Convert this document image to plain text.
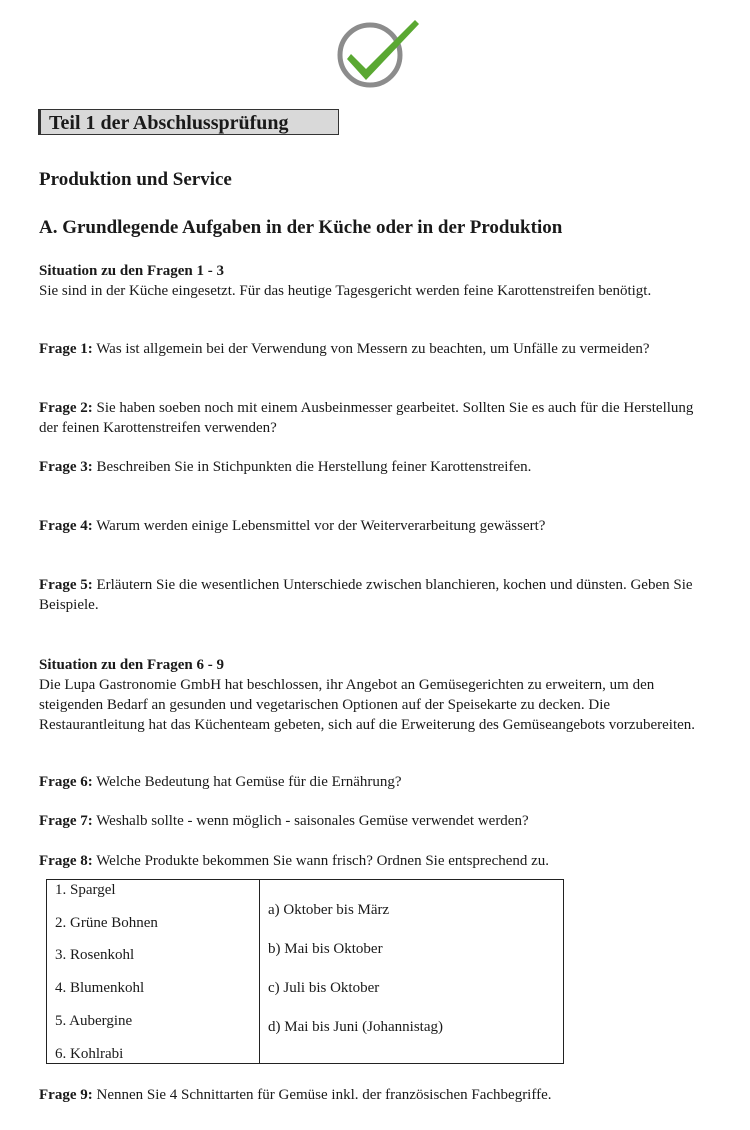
Teil 1 der Abschlussprüfung
Produktion und Service
A. Grundlegende Aufgaben in der Küche oder in der Produktion
Situation zu den Fragen 1 - 3
Sie sind in der Küche eingesetzt. Für das heutige Tagesgericht werden feine Karottenstreifen benötigt.
Frage 1: Was ist allgemein bei der Verwendung von Messern zu beachten, um Unfälle zu vermeiden?
Frage 2: Sie haben soeben noch mit einem Ausbeinmesser gearbeitet. Sollten Sie es auch für die Herstellung der feinen Karottenstreifen verwenden?
Frage 3: Beschreiben Sie in Stichpunkten die Herstellung feiner Karottenstreifen.
Frage 4: Warum werden einige Lebensmittel vor der Weiterverarbeitung gewässert?
Frage 5: Erläutern Sie die wesentlichen Unterschiede zwischen blanchieren, kochen und dünsten. Geben Sie Beispiele.
Situation zu den Fragen 6 - 9
Die Lupa Gastronomie GmbH hat beschlossen, ihr Angebot an Gemüsegerichten zu erweitern, um den steigenden Bedarf an gesunden und vegetarischen Optionen auf der Speisekarte zu decken. Die Restaurantleitung hat das Küchenteam gebeten, sich auf die Erweiterung des Gemüseangebots vorzubereiten.
Frage 6: Welche Bedeutung hat Gemüse für die Ernährung?
Frage 7: Weshalb sollte - wenn möglich - saisonales Gemüse verwendet werden?
Frage 8: Welche Produkte bekommen Sie wann frisch? Ordnen Sie entsprechend zu.
1. Spargel
2. Grüne Bohnen
3. Rosenkohl
4. Blumenkohl
5. Aubergine
6. Kohlrabi

a) Oktober bis März
b) Mai bis Oktober
c) Juli bis Oktober
d) Mai bis Juni (Johannistag)
Frage 9: Nennen Sie 4 Schnittarten für Gemüse inkl. der französischen Fachbegriffe.
